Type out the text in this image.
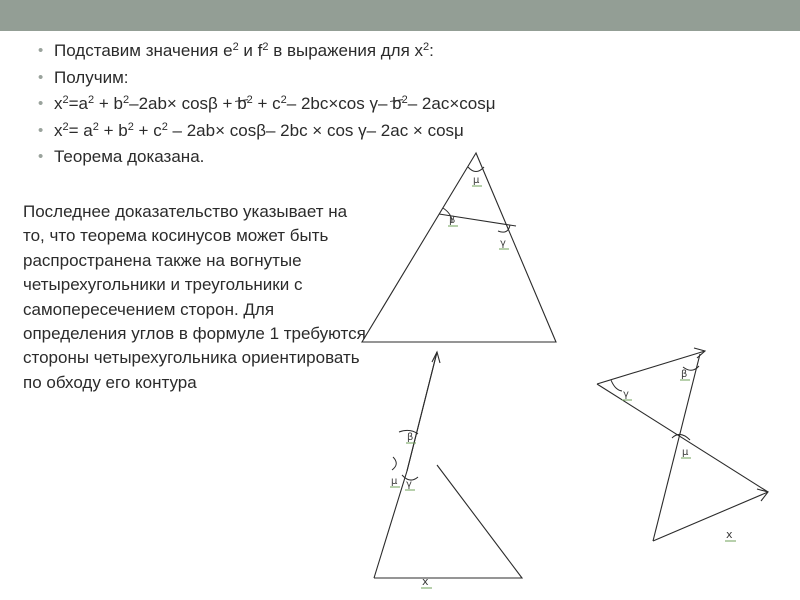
• Подставим значения $e^2$ и $f^2$ в выражения для $x^2$:
• Получим:
• $x^2=a^2 + b^2-2ab\times \cos\beta + b^2 + c^2-$ 2bc×cos γ– $b^2-$ 2ac×cosμ
• $x^2= a^2 + b^2 + c^2 - 2ab\times \cos\beta-$ 2bc × cos γ– 2ac × cosμ
• Теорема доказана.
Последнее доказательство указывает на то, что теорема косинусов может быть распространена также на вогнутые четырехугольники и треугольники с самопересечением сторон. Для определения углов в формуле 1 требуются стороны четырехугольника ориентировать по обходу его контура
μ
β
γ
β
μ γ
x
γ
β
μ
x
